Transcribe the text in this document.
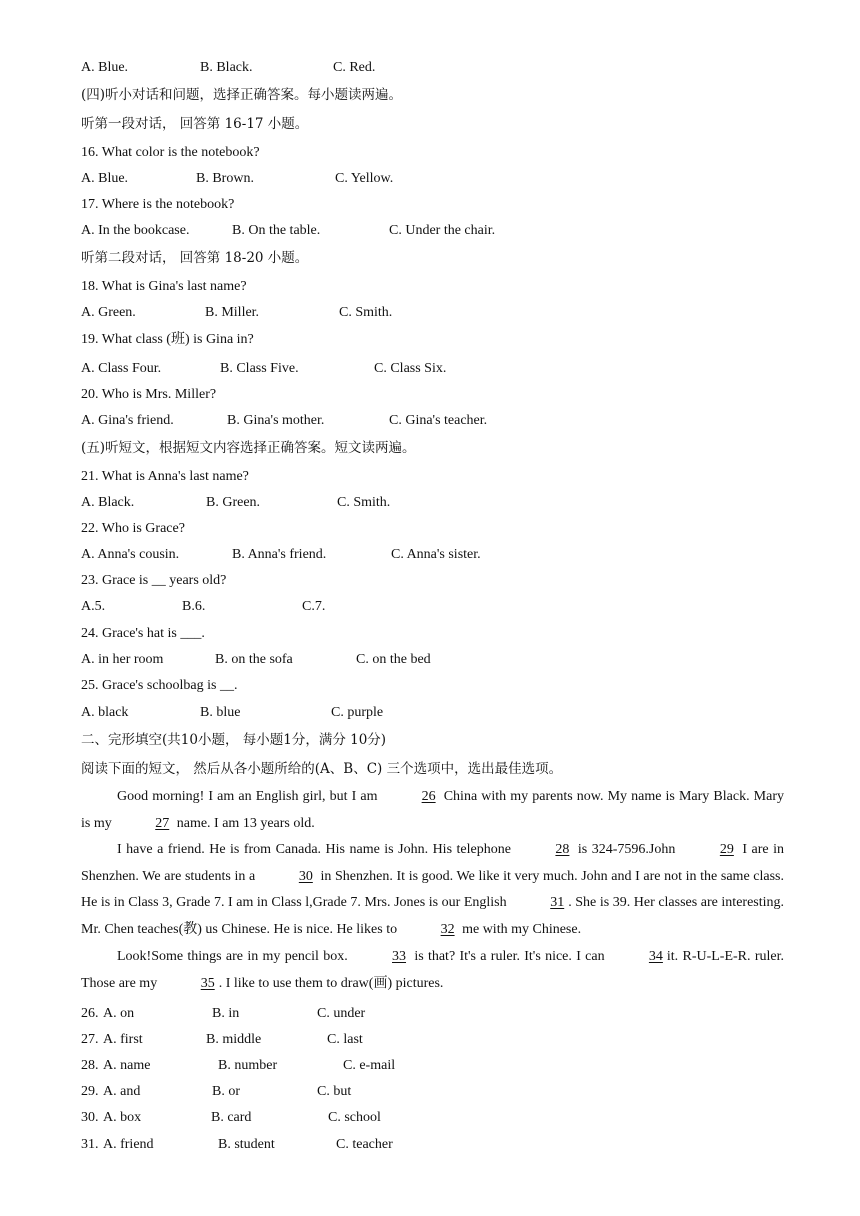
A. Blue.	B. Black.	C. Red.
(四)听小对话和问题，选择正确答案。每小题读两遍。
听第一段对话， 回答第 16-17 小题。
16. What color is the notebook?
A. Blue.	B. Brown.	C. Yellow.
17. Where is the notebook?
A. In the bookcase.	B. On the table.	C. Under the chair.
听第二段对话， 回答第 18-20 小题。
18. What is Gina's last name?
A. Green.	B. Miller.	C. Smith.
19. What class (班) is Gina in?
A. Class Four.	B. Class Five.	C. Class Six.
20. Who is Mrs. Miller?
A. Gina's friend.	B. Gina's mother.	C. Gina's teacher.
(五)听短文，根据短文内容选择正确答案。短文读两遍。
21. What is Anna's last name?
A. Black.	B. Green.	C. Smith.
22. Who is Grace?
A. Anna's cousin.	B. Anna's friend.	C. Anna's sister.
23. Grace is __ years old?
A.5.	B.6.	C.7.
24. Grace's hat is ___.
A. in her room	B. on the sofa	C. on the bed
25. Grace's schoolbag is __.
A. black	B. blue	C. purple
二、完形填空(共10小题， 每小题1分，满分 10分)
阅读下面的短文， 然后从各小题所给的(A、B、C) 三个选项中，选出最佳选项。
Good morning! I am an English girl, but I am	26 China with my parents now. My name is Mary Black. Mary is my	27 name. I am 13 years old.
I have a friend. He is from Canada. His name is John. His telephone	28 is 324-7596.John	29 I are in Shenzhen. We are students in a	30 in Shenzhen. It is good. We like it very much. John and I are not in the same class. He is in Class 3, Grade 7. I am in Class l,Grade 7. Mrs. Jones is our English	31 . She is 39. Her classes are interesting. Mr. Chen teaches(教) us Chinese. He is nice. He likes to	32 me with my Chinese.
Look!Some things are in my pencil box.	33 is that? It's a ruler. It's nice. I can	34 it. R-U-L-E-R. ruler. Those are my	35 . I like to use them to draw(画) pictures.
26. A. on	B. in	C. under
27. A. first	B. middle	C. last
28. A. name	B. number	C. e-mail
29. A. and	B. or	C. but
30. A. box	B. card	C. school
31. A. friend	B. student	C. teacher
